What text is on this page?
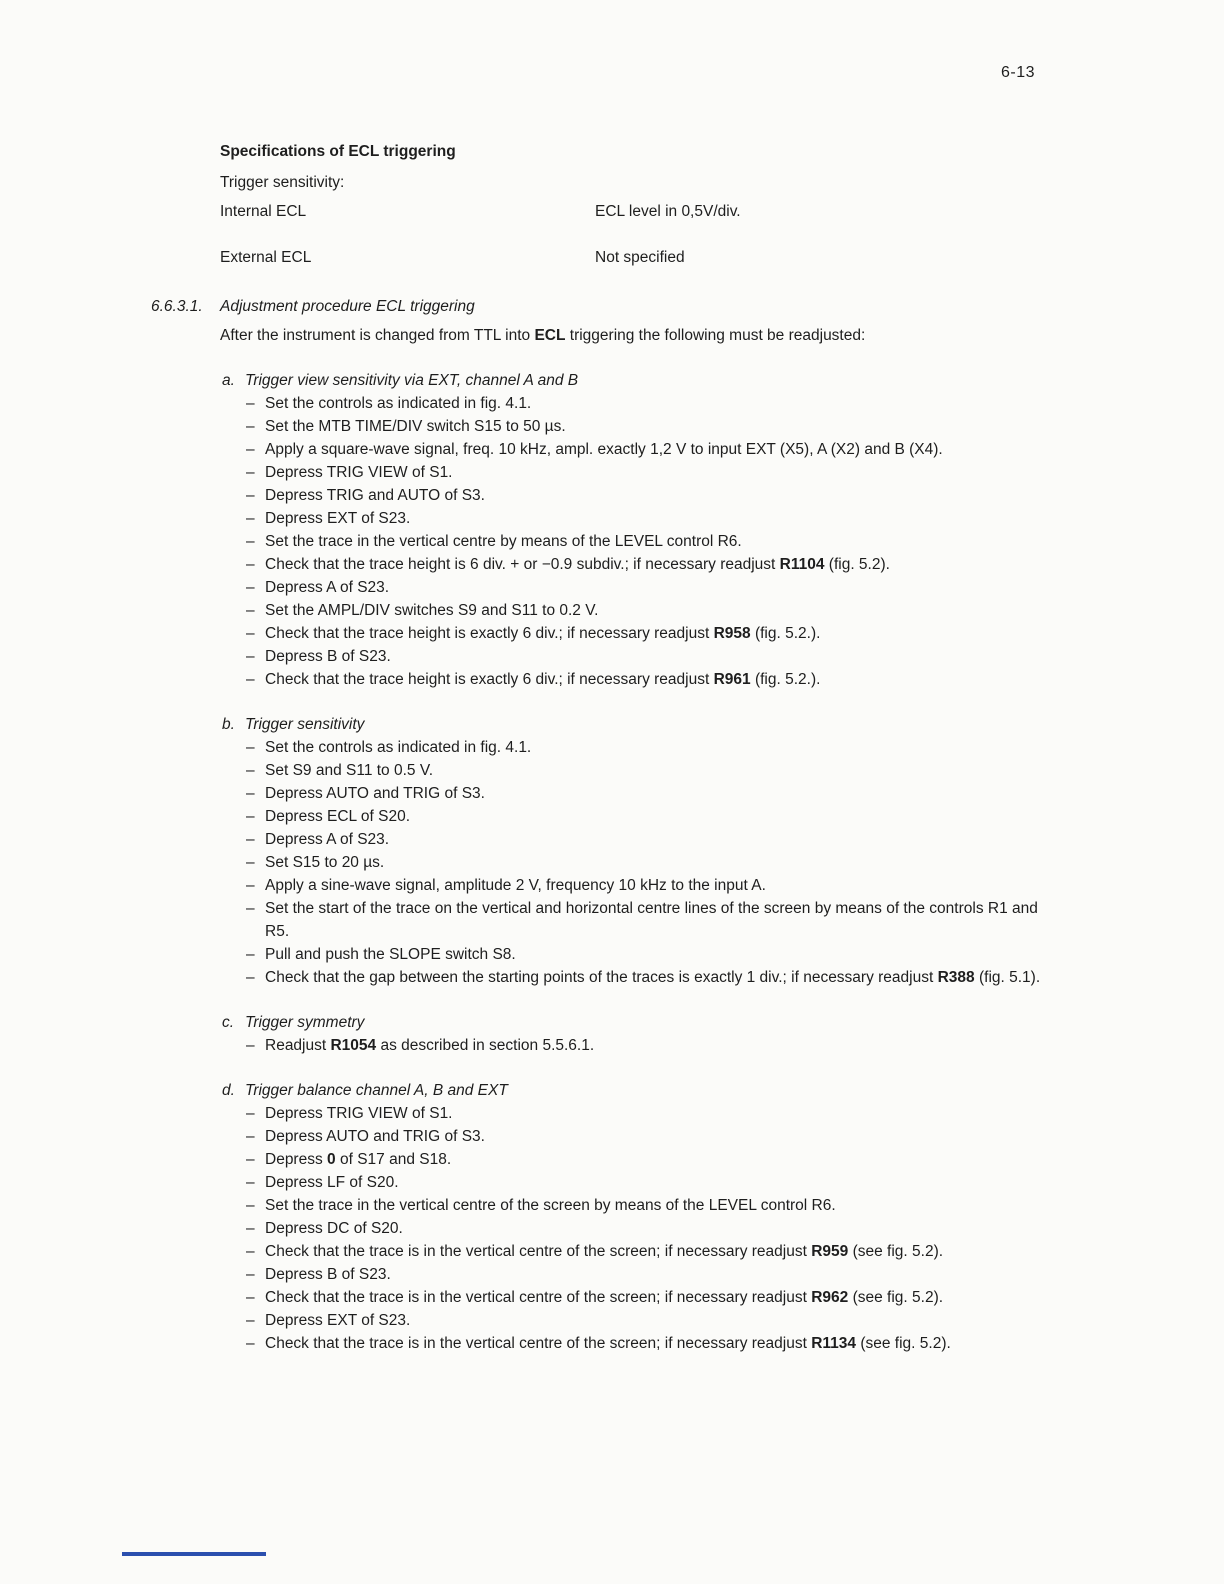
6-13
Specifications of ECL triggering
Trigger sensitivity:
Internal ECL	ECL level in 0,5V/div.
External ECL	Not specified
6.6.3.1.	Adjustment procedure ECL triggering

After the instrument is changed from TTL into ECL triggering the following must be readjusted:

a. Trigger view sensitivity via EXT, channel A and B
– Set the controls as indicated in fig. 4.1.
– Set the MTB TIME/DIV switch S15 to 50 µs.
– Apply a square-wave signal, freq. 10 kHz, ampl. exactly 1,2 V to input EXT (X5), A (X2) and B (X4).
– Depress TRIG VIEW of S1.
– Depress TRIG and AUTO of S3.
– Depress EXT of S23.
– Set the trace in the vertical centre by means of the LEVEL control R6.
– Check that the trace height is 6 div. + or −0.9 subdiv.; if necessary readjust R1104 (fig. 5.2).
– Depress A of S23.
– Set the AMPL/DIV switches S9 and S11 to 0.2 V.
– Check that the trace height is exactly 6 div.; if necessary readjust R958 (fig. 5.2.).
– Depress B of S23.
– Check that the trace height is exactly 6 div.; if necessary readjust R961 (fig. 5.2.).
b. Trigger sensitivity
– Set the controls as indicated in fig. 4.1.
– Set S9 and S11 to 0.5 V.
– Depress AUTO and TRIG of S3.
– Depress ECL of S20.
– Depress A of S23.
– Set S15 to 20 µs.
– Apply a sine-wave signal, amplitude 2 V, frequency 10 kHz to the input A.
– Set the start of the trace on the vertical and horizontal centre lines of the screen by means of the controls R1 and R5.
– Pull and push the SLOPE switch S8.
– Check that the gap between the starting points of the traces is exactly 1 div.; if necessary readjust R388 (fig. 5.1).
c. Trigger symmetry
– Readjust R1054 as described in section 5.5.6.1.
d. Trigger balance channel A, B and EXT
– Depress TRIG VIEW of S1.
– Depress AUTO and TRIG of S3.
– Depress 0 of S17 and S18.
– Depress LF of S20.
– Set the trace in the vertical centre of the screen by means of the LEVEL control R6.
– Depress DC of S20.
– Check that the trace is in the vertical centre of the screen; if necessary readjust R959 (see fig. 5.2).
– Depress B of S23.
– Check that the trace is in the vertical centre of the screen; if necessary readjust R962 (see fig. 5.2).
– Depress EXT of S23.
– Check that the trace is in the vertical centre of the screen; if necessary readjust R1134 (see fig. 5.2).
